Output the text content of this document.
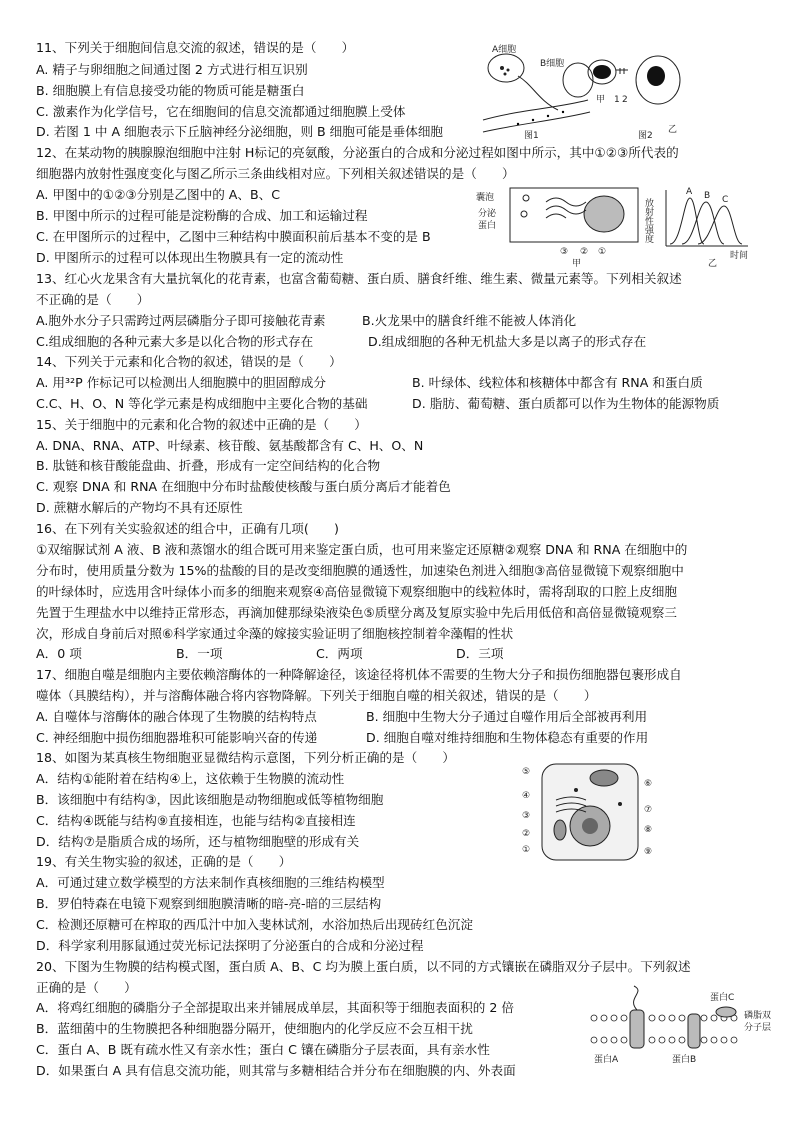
11、下列关于细胞间信息交流的叙述，错误的是（　　）
A. 精子与卵细胞之间通过图 2 方式进行相互识别
B. 细胞膜上有信息接受功能的物质可能是糖蛋白
C. 激素作为化学信号，它在细胞间的信息交流都通过细胞膜上受体
D. 若图 1 中 A 细胞表示下丘脑神经分泌细胞，则 B 细胞可能是垂体细胞
A细胞
B细胞
图1
甲 1 2
乙
图2
12、在某动物的胰腺腺泡细胞中注射 H标记的亮氨酸，分泌蛋白的合成和分泌过程如图中所示，其中①②③所代表的
细胞器内放射性强度变化与图乙所示三条曲线相对应。下列相关叙述错误的是（　　）
A. 甲图中的①②③分别是乙图中的 A、B、C
B. 甲图中所示的过程可能是淀粉酶的合成、加工和运输过程
C. 在甲图所示的过程中，乙图中三种结构中膜面积前后基本不变的是 B
D. 甲图所示的过程可以体现出生物膜具有一定的流动性
囊泡
分泌
蛋白
③ ② ①
甲
放射性强度
A B C
时间
乙
13、红心火龙果含有大量抗氧化的花青素，也富含葡萄糖、蛋白质、膳食纤维、维生素、微量元素等。下列相关叙述
不正确的是（　　）
A.胞外水分子只需跨过两层磷脂分子即可接触花青素	B.火龙果中的膳食纤维不能被人体消化
C.组成细胞的各种元素大多是以化合物的形式存在	D.组成细胞的各种无机盐大多是以离子的形式存在
14、下列关于元素和化合物的叙述，错误的是（　　）
A. 用³²P 作标记可以检测出人细胞膜中的胆固醇成分	B. 叶绿体、线粒体和核糖体中都含有 RNA 和蛋白质
C.C、H、O、N 等化学元素是构成细胞中主要化合物的基础	D. 脂肪、葡萄糖、蛋白质都可以作为生物体的能源物质
15、关于细胞中的元素和化合物的叙述中正确的是（　　）
A. DNA、RNA、ATP、叶绿素、核苷酸、氨基酸都含有 C、H、O、N
B. 肽链和核苷酸能盘曲、折叠，形成有一定空间结构的化合物
C. 观察 DNA 和 RNA 在细胞中分布时盐酸使核酸与蛋白质分离后才能着色
D. 蔗糖水解后的产物均不具有还原性
16、在下列有关实验叙述的组合中，正确有几项(　　)
①双缩脲试剂 A 液、B 液和蒸馏水的组合既可用来鉴定蛋白质，也可用来鉴定还原糖②观察 DNA 和 RNA 在细胞中的
分布时，使用质量分数为 15%的盐酸的目的是改变细胞膜的通透性，加速染色剂进入细胞③高倍显微镜下观察细胞中
的叶绿体时，应选用含叶绿体小而多的细胞来观察④高倍显微镜下观察细胞中的线粒体时，需将刮取的口腔上皮细胞
先置于生理盐水中以维持正常形态，再滴加健那绿染液染色⑤质壁分离及复原实验中先后用低倍和高倍显微镜观察三
次，形成自身前后对照⑥科学家通过伞藻的嫁接实验证明了细胞核控制着伞藻帽的性状
A．0 项	B．一项	C．两项	D．三项
17、细胞自噬是细胞内主要依赖溶酶体的一种降解途径，该途径将机体不需要的生物大分子和损伤细胞器包裹形成自
噬体（具膜结构），并与溶酶体融合将内容物降解。下列关于细胞自噬的相关叙述，错误的是（　　）
A. 自噬体与溶酶体的融合体现了生物膜的结构特点	B. 细胞中生物大分子通过自噬作用后全部被再利用
C. 神经细胞中损伤细胞器堆积可能影响兴奋的传递	D. 细胞自噬对维持细胞和生物体稳态有重要的作用
18、如图为某真核生物细胞亚显微结构示意图，下列分析正确的是（　　）
A．结构①能附着在结构④上，这依赖于生物膜的流动性
B．该细胞中有结构③，因此该细胞是动物细胞或低等植物细胞
C．结构④既能与结构⑨直接相连，也能与结构②直接相连
D．结构⑦是脂质合成的场所，还与植物细胞壁的形成有关
⑤
④
③
②
①
⑥
⑦
⑧
⑨
19、有关生物实验的叙述，正确的是（　　）
A．可通过建立数学模型的方法来制作真核细胞的三维结构模型
B．罗伯特森在电镜下观察到细胞膜清晰的暗-亮-暗的三层结构
C．检测还原糖可在榨取的西瓜汁中加入斐林试剂，水浴加热后出现砖红色沉淀
D．科学家利用豚鼠通过荧光标记法探明了分泌蛋白的合成和分泌过程
20、下图为生物膜的结构模式图，蛋白质 A、B、C 均为膜上蛋白质，以不同的方式镶嵌在磷脂双分子层中。下列叙述
正确的是（　　）
A．将鸡红细胞的磷脂分子全部提取出来并铺展成单层，其面积等于细胞表面积的 2 倍
B．蓝细菌中的生物膜把各种细胞器分隔开，使细胞内的化学反应不会互相干扰
C．蛋白 A、B 既有疏水性又有亲水性；蛋白 C 镶在磷脂分子层表面，具有亲水性
D．如果蛋白 A 具有信息交流功能，则其常与多糖相结合并分布在细胞膜的内、外表面
蛋白C
磷脂双
分子层
蛋白A	蛋白B
